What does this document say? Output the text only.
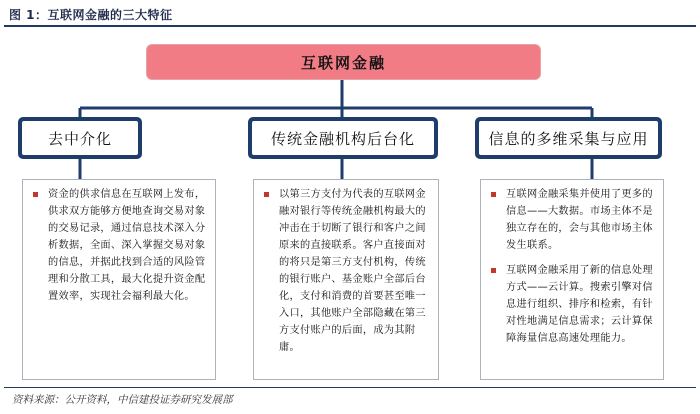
图 1：互联网金融的三大特征
互联网金融
去中介化	传统金融机构后台化	信息的多维采集与应用
资金的供求信息在互联网上发布，供求双方能够方便地查询交易对象的交易记录，通过信息技术深入分析数据，全面、深入掌握交易对象的信息，并据此找到合适的风险管理和分散工具，最大化提升资金配置效率，实现社会福利最大化。
以第三方支付为代表的互联网金融对银行等传统金融机构最大的冲击在于切断了银行和客户之间原来的直接联系。客户直接面对的将只是第三方支付机构，传统的银行账户、基金账户全部后台化，支付和消费的首要甚至唯一入口，其他账户全部隐藏在第三方支付账户的后面，成为其附庸。
互联网金融采集并使用了更多的信息——大数据。市场主体不是独立存在的，会与其他市场主体发生联系。
互联网金融采用了新的信息处理方式——云计算。搜索引擎对信息进行组织、排序和检索，有针对性地满足信息需求；云计算保障海量信息高速处理能力。
资料来源：公开资料，中信建投证券研究发展部
